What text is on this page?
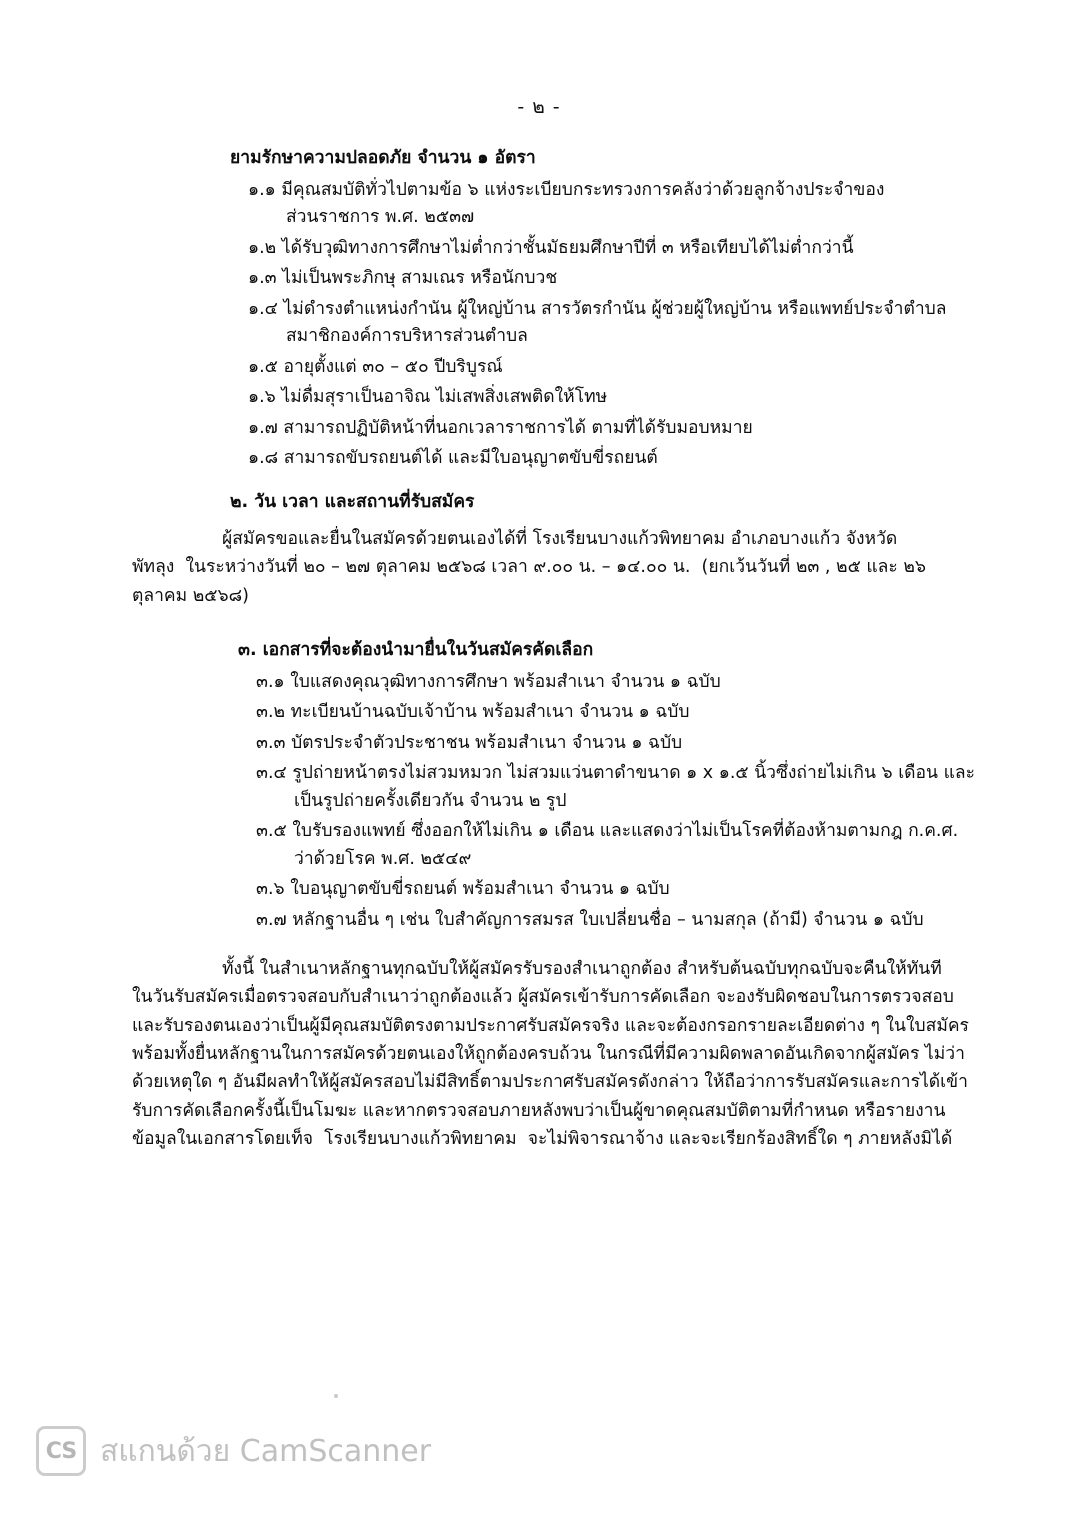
- ๒ -
ยามรักษาความปลอดภัย จำนวน ๑ อัตรา
๑.๑ มีคุณสมบัติทั่วไปตามข้อ ๖ แห่งระเบียบกระทรวงการคลังว่าด้วยลูกจ้างประจำของ
ส่วนราชการ พ.ศ. ๒๕๓๗
๑.๒ ได้รับวุฒิทางการศึกษาไม่ต่ำกว่าชั้นมัธยมศึกษาปีที่ ๓ หรือเทียบได้ไม่ต่ำกว่านี้
๑.๓ ไม่เป็นพระภิกษุ สามเณร หรือนักบวช
๑.๔ ไม่ดำรงตำแหน่งกำนัน ผู้ใหญ่บ้าน สารวัตรกำนัน ผู้ช่วยผู้ใหญ่บ้าน หรือแพทย์ประจำตำบล
สมาชิกองค์การบริหารส่วนตำบล
๑.๕ อายุตั้งแต่ ๓๐ – ๕๐ ปีบริบูรณ์
๑.๖ ไม่ดื่มสุราเป็นอาจิณ ไม่เสพสิ่งเสพติดให้โทษ
๑.๗ สามารถปฏิบัติหน้าที่นอกเวลาราชการได้ ตามที่ได้รับมอบหมาย
๑.๘ สามารถขับรถยนต์ได้ และมีใบอนุญาตขับขี่รถยนต์
๒. วัน เวลา และสถานที่รับสมัคร
ผู้สมัครขอและยื่นในสมัครด้วยตนเองได้ที่ โรงเรียนบางแก้วพิทยาคม อำเภอบางแก้ว จังหวัด
พัทลุง  ในระหว่างวันที่ ๒๐ – ๒๗ ตุลาคม ๒๕๖๘ เวลา ๙.๐๐ น. – ๑๔.๐๐ น.  (ยกเว้นวันที่ ๒๓ , ๒๕ และ ๒๖
ตุลาคม ๒๕๖๘)
๓. เอกสารที่จะต้องนำมายื่นในวันสมัครคัดเลือก
๓.๑ ใบแสดงคุณวุฒิทางการศึกษา พร้อมสำเนา จำนวน ๑ ฉบับ
๓.๒ ทะเบียนบ้านฉบับเจ้าบ้าน พร้อมสำเนา จำนวน ๑ ฉบับ
๓.๓ บัตรประจำตัวประชาชน พร้อมสำเนา จำนวน ๑ ฉบับ
๓.๔ รูปถ่ายหน้าตรงไม่สวมหมวก ไม่สวมแว่นตาดำขนาด ๑ x ๑.๕ นิ้วซึ่งถ่ายไม่เกิน ๖ เดือน และ
เป็นรูปถ่ายครั้งเดียวกัน จำนวน ๒ รูป
๓.๕ ใบรับรองแพทย์ ซึ่งออกให้ไม่เกิน ๑ เดือน และแสดงว่าไม่เป็นโรคที่ต้องห้ามตามกฎ ก.ค.ศ.
ว่าด้วยโรค พ.ศ. ๒๕๔๙
๓.๖ ใบอนุญาตขับขี่รถยนต์ พร้อมสำเนา จำนวน ๑ ฉบับ
๓.๗ หลักฐานอื่น ๆ เช่น ใบสำคัญการสมรส ใบเปลี่ยนชื่อ – นามสกุล (ถ้ามี) จำนวน ๑ ฉบับ
ทั้งนี้ ในสำเนาหลักฐานทุกฉบับให้ผู้สมัครรับรองสำเนาถูกต้อง สำหรับต้นฉบับทุกฉบับจะคืนให้ทันที
ในวันรับสมัครเมื่อตรวจสอบกับสำเนาว่าถูกต้องแล้ว ผู้สมัครเข้ารับการคัดเลือก จะองรับผิดชอบในการตรวจสอบ
และรับรองตนเองว่าเป็นผู้มีคุณสมบัติตรงตามประกาศรับสมัครจริง และจะต้องกรอกรายละเอียดต่าง ๆ ในใบสมัคร
พร้อมทั้งยื่นหลักฐานในการสมัครด้วยตนเองให้ถูกต้องครบถ้วน ในกรณีที่มีความผิดพลาดอันเกิดจากผู้สมัคร ไม่ว่า
ด้วยเหตุใด ๆ อันมีผลทำให้ผู้สมัครสอบไม่มีสิทธิ์ตามประกาศรับสมัครดังกล่าว ให้ถือว่าการรับสมัครและการได้เข้า
รับการคัดเลือกครั้งนี้เป็นโมฆะ และหากตรวจสอบภายหลังพบว่าเป็นผู้ขาดคุณสมบัติตามที่กำหนด หรือรายงาน
ข้อมูลในเอกสารโดยเท็จ  โรงเรียนบางแก้วพิทยาคม  จะไม่พิจารณาจ้าง และจะเรียกร้องสิทธิ์ใด ๆ ภายหลังมิได้
CS สแกนด้วย CamScanner
